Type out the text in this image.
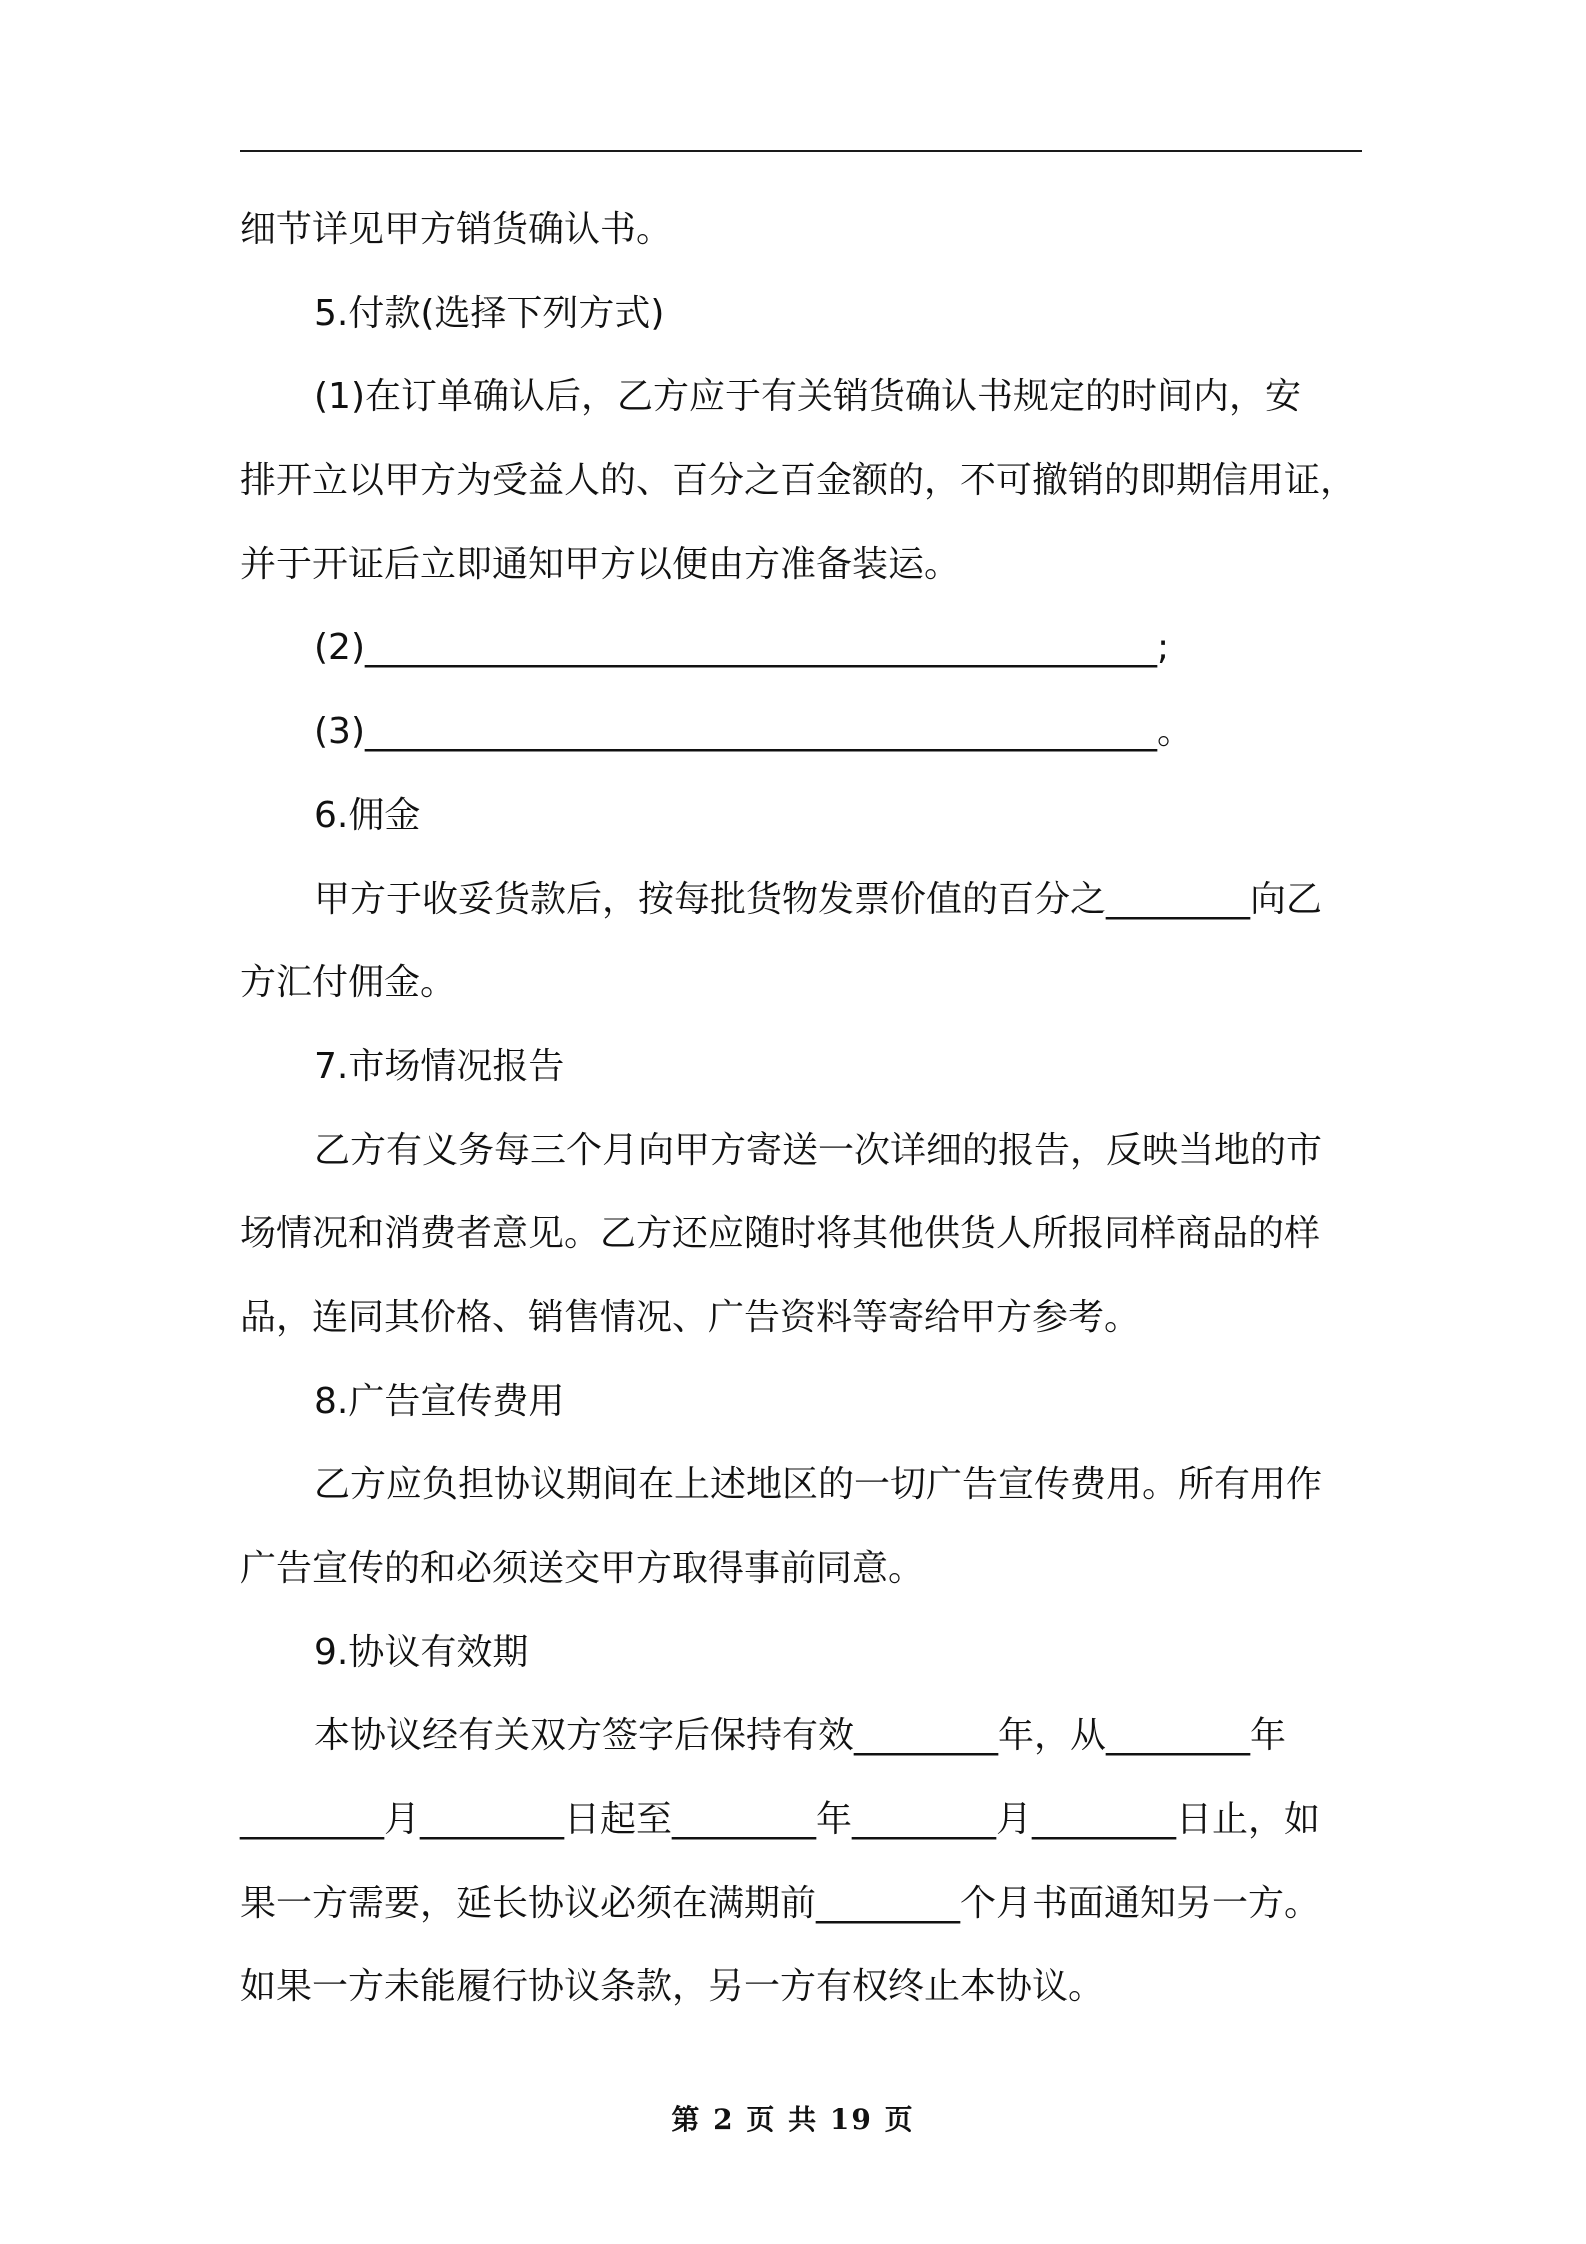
细节详见甲方销货确认书。
5.付款(选择下列方式)
(1)在订单确认后，乙方应于有关销货确认书规定的时间内，安
排开立以甲方为受益人的、百分之百金额的，不可撤销的即期信用证，
并于开证后立即通知甲方以便由方准备装运。
(2)____________________________________________;
(3)____________________________________________。
6.佣金
甲方于收妥货款后，按每批货物发票价值的百分之________向乙
方汇付佣金。
7.市场情况报告
乙方有义务每三个月向甲方寄送一次详细的报告，反映当地的市
场情况和消费者意见。乙方还应随时将其他供货人所报同样商品的样
品，连同其价格、销售情况、广告资料等寄给甲方参考。
8.广告宣传费用
乙方应负担协议期间在上述地区的一切广告宣传费用。所有用作
广告宣传的和必须送交甲方取得事前同意。
9.协议有效期
本协议经有关双方签字后保持有效________年，从________年
________月________日起至________年________月________日止，如
果一方需要，延长协议必须在满期前________个月书面通知另一方。
如果一方未能履行协议条款，另一方有权终止本协议。
第 2 页 共 19 页
